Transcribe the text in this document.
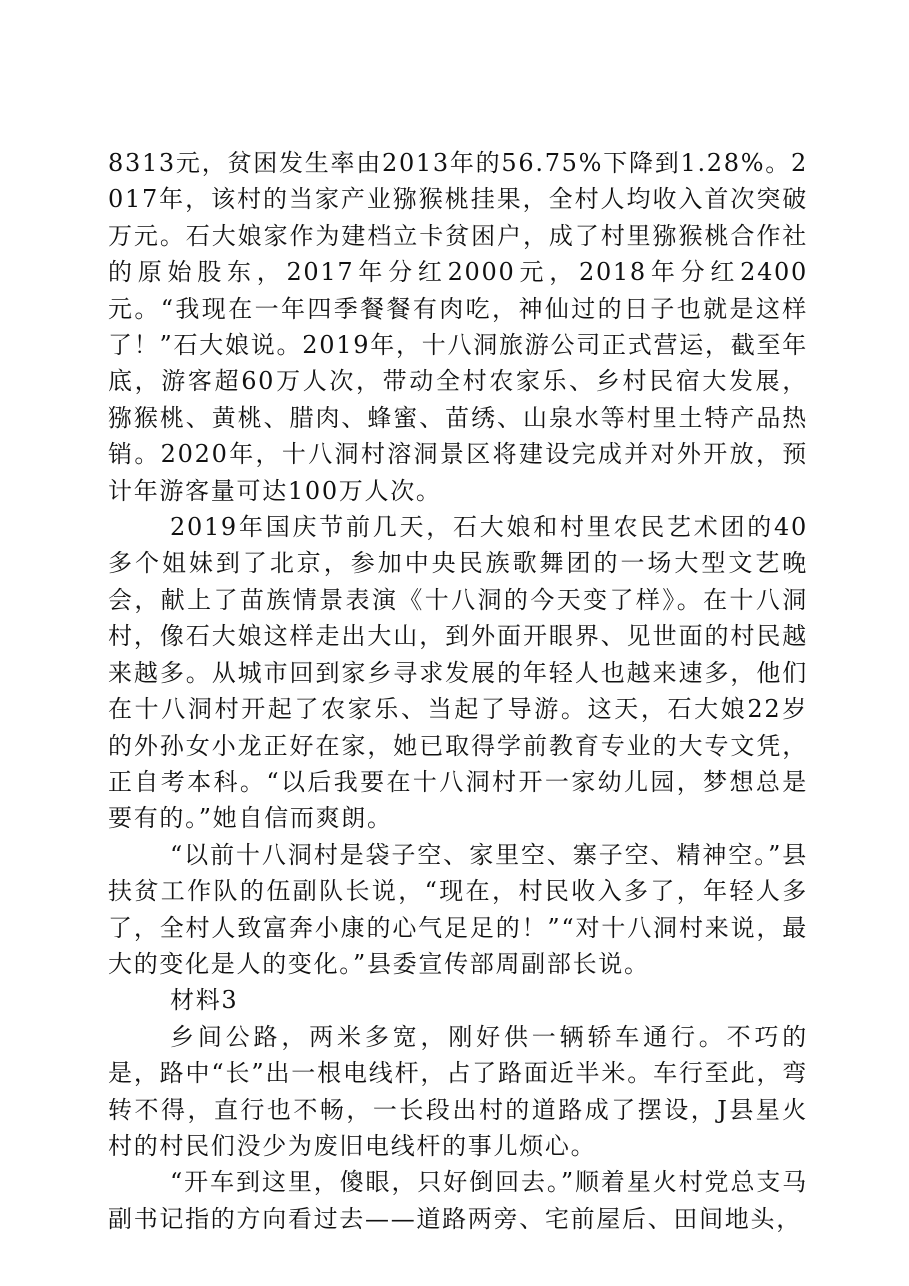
8313元，贫困发生率由2013年的56.75%下降到1.28%。2017年，该村的当家产业猕猴桃挂果，全村人均收入首次突破万元。石大娘家作为建档立卡贫困户，成了村里猕猴桃合作社的原始股东，2017年分红2000元，2018年分红2400元。“我现在一年四季餐餐有肉吃，神仙过的日子也就是这样了！”石大娘说。2019年，十八洞旅游公司正式营运，截至年底，游客超60万人次，带动全村农家乐、乡村民宿大发展，猕猴桃、黄桃、腊肉、蜂蜜、苗绣、山泉水等村里土特产品热销。2020年，十八洞村溶洞景区将建设完成并对外开放，预计年游客量可达100万人次。

2019年国庆节前几天，石大娘和村里农民艺术团的40多个姐妹到了北京，参加中央民族歌舞团的一场大型文艺晚会，献上了苗族情景表演《十八洞的今天变了样》。在十八洞村，像石大娘这样走出大山，到外面开眼界、见世面的村民越来越多。从城市回到家乡寻求发展的年轻人也越来速多，他们在十八洞村开起了农家乐、当起了导游。这天，石大娘22岁的外孙女小龙正好在家，她已取得学前教育专业的大专文凭，正自考本科。“以后我要在十八洞村开一家幼儿园，梦想总是要有的。”她自信而爽朗。

“以前十八洞村是袋子空、家里空、寨子空、精神空。”县扶贫工作队的伍副队长说，“现在，村民收入多了，年轻人多了，全村人致富奔小康的心气足足的！”“对十八洞村来说，最大的变化是人的变化。”县委宣传部周副部长说。

材料3

乡间公路，两米多宽，刚好供一辆轿车通行。不巧的是，路中“长”出一根电线杆，占了路面近半米。车行至此，弯转不得，直行也不畅，一长段出村的道路成了摆设，J县星火村的村民们没少为废旧电线杆的事儿烦心。

“开车到这里，傻眼，只好倒回去。”顺着星火村党总支马副书记指的方向看过去——道路两旁、宅前屋后、田间地头，
